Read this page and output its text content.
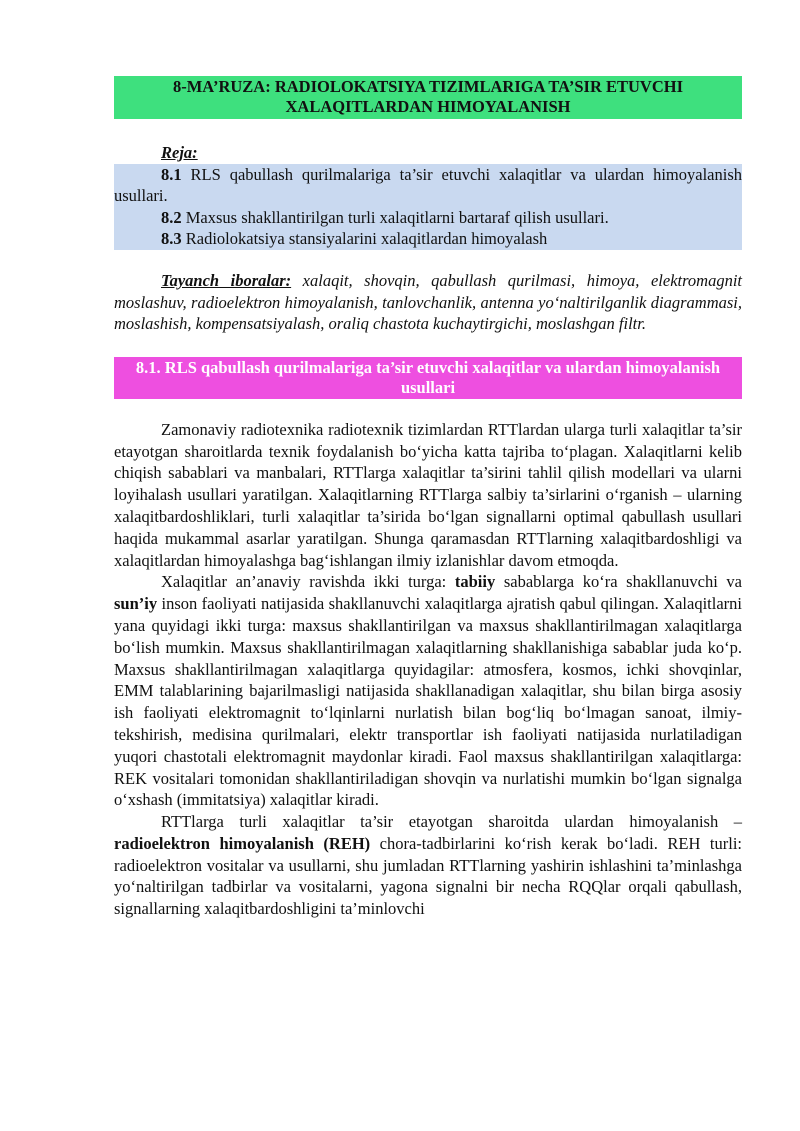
8-MA’RUZA: RADIOLOKATSIYA TIZIMLARIGA TA’SIR ETUVCHI XALAQITLARDAN HIMOYALANISH
Reja:
8.1 RLS qabullash qurilmalariga ta’sir etuvchi xalaqitlar va ulardan himoyalanish usullari.
8.2 Maxsus shakllantirilgan turli xalaqitlarni bartaraf qilish usullari.
8.3 Radiolokatsiya stansiyalarini xalaqitlardan himoyalash
Tayanch iboralar: xalaqit, shovqin, qabullash qurilmasi, himoya, elektromagnit moslashuv, radioelektron himoyalanish, tanlovchanlik, antenna yo‘naltirilganlik diagrammasi, moslashish, kompensatsiyalash, oraliq chastota kuchaytirgichi, moslashgan filtr.
8.1. RLS qabullash qurilmalariga ta’sir etuvchi xalaqitlar va ulardan himoyalanish usullari

Zamonaviy radiotexnika radiotexnik tizimlardan RTTlardan ularga turli xalaqitlar ta’sir etayotgan sharoitlarda texnik foydalanish bo‘yicha katta tajriba to‘plagan. Xalaqitlarni kelib chiqish sabablari va manbalari, RTTlarga xalaqitlar ta’sirini tahlil qilish modellari va ularni loyihalash usullari yaratilgan. Xalaqitlarning RTTlarga salbiy ta’sirlarini o‘rganish – ularning xalaqitbardoshliklari, turli xalaqitlar ta’sirida bo‘lgan signallarni optimal qabullash usullari haqida mukammal asarlar yaratilgan. Shunga qaramasdan RTTlarning xalaqitbardoshligi va xalaqitlardan himoyalashga bag‘ishlangan ilmiy izlanishlar davom etmoqda.

Xalaqitlar an’anaviy ravishda ikki turga: tabiiy sabablarga ko‘ra shakllanuvchi va sun’iy inson faoliyati natijasida shakllanuvchi xalaqitlarga ajratish qabul qilingan. Xalaqitlarni yana quyidagi ikki turga: maxsus shakllantirilgan va maxsus shakllantirilmagan xalaqitlarga bo‘lish mumkin. Maxsus shakllantirilmagan xalaqitlarning shakllanishiga sabablar juda ko‘p. Maxsus shakllantirilmagan xalaqitlarga quyidagilar: atmosfera, kosmos, ichki shovqinlar, EMM talablarining bajarilmasligi natijasida shakllanadigan xalaqitlar, shu bilan birga asosiy ish faoliyati elektromagnit to‘lqinlarni nurlatish bilan bog‘liq bo‘lmagan sanoat, ilmiy-tekshirish, medisina qurilmalari, elektr transportlar ish faoliyati natijasida nurlatiladigan yuqori chastotali elektromagnit maydonlar kiradi. Faol maxsus shakllantirilgan xalaqitlarga: REK vositalari tomonidan shakllantiriladigan shovqin va nurlatishi mumkin bo‘lgan signalga o‘xshash (immitatsiya) xalaqitlar kiradi.

RTTlarga turli xalaqitlar ta’sir etayotgan sharoitda ulardan himoyalanish – radioelektron himoyalanish (REH) chora-tadbirlarini ko‘rish kerak bo‘ladi. REH turli: radioelektron vositalar va usullarni, shu jumladan RTTlarning yashirin ishlashini ta’minlashga yo‘naltirilgan tadbirlar va vositalarni, yagona signalni bir necha RQQlar orqali qabullash, signallarning xalaqitbardoshligini ta’minlovchi
